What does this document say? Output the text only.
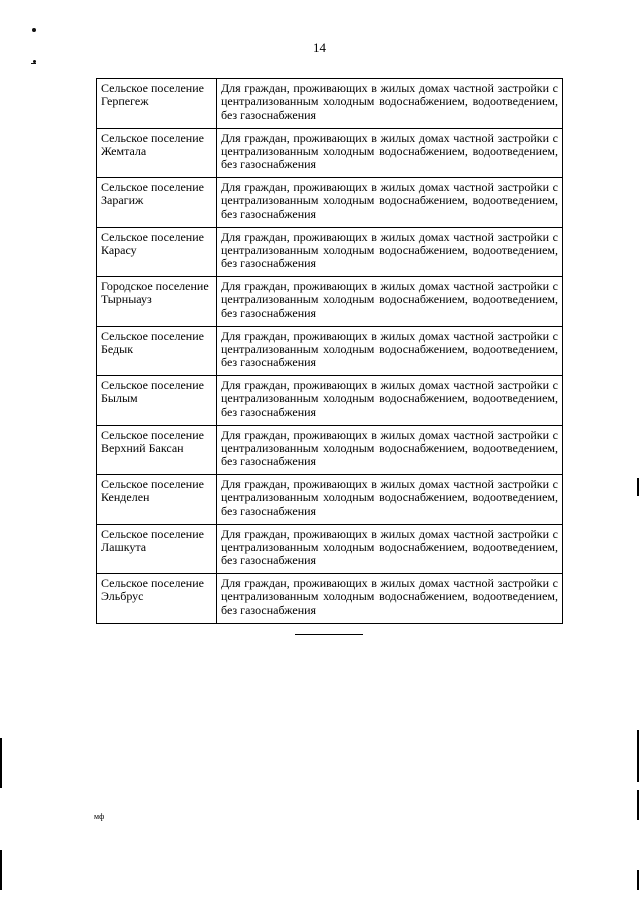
14
Сельское поселение Герпегеж	Для граждан, проживающих в жилых домах частной застройки с централизованным холодным водоснабжением, водоотведением, без газоснабжения
Сельское поселение Жемтала	Для граждан, проживающих в жилых домах частной застройки с централизованным холодным водоснабжением, водоотведением, без газоснабжения
Сельское поселение Зарагиж	Для граждан, проживающих в жилых домах частной застройки с централизованным холодным водоснабжением, водоотведением, без газоснабжения
Сельское поселение Карасу	Для граждан, проживающих в жилых домах частной застройки с централизованным холодным водоснабжением, водоотведением, без газоснабжения
Городское поселение Тырныауз	Для граждан, проживающих в жилых домах частной застройки с централизованным холодным водоснабжением, водоотведением, без газоснабжения
Сельское поселение Бедык	Для граждан, проживающих в жилых домах частной застройки с централизованным холодным водоснабжением, водоотведением, без газоснабжения
Сельское поселение Былым	Для граждан, проживающих в жилых домах частной застройки с централизованным холодным водоснабжением, водоотведением, без газоснабжения
Сельское поселение Верхний Баксан	Для граждан, проживающих в жилых домах частной застройки с централизованным холодным водоснабжением, водоотведением, без газоснабжения
Сельское поселение Кенделен	Для граждан, проживающих в жилых домах частной застройки с централизованным холодным водоснабжением, водоотведением, без газоснабжения
Сельское поселение Лашкута	Для граждан, проживающих в жилых домах частной застройки с централизованным холодным водоснабжением, водоотведением, без газоснабжения
Сельское поселение Эльбрус	Для граждан, проживающих в жилых домах частной застройки с централизованным холодным водоснабжением, водоотведением, без газоснабжения
мф
